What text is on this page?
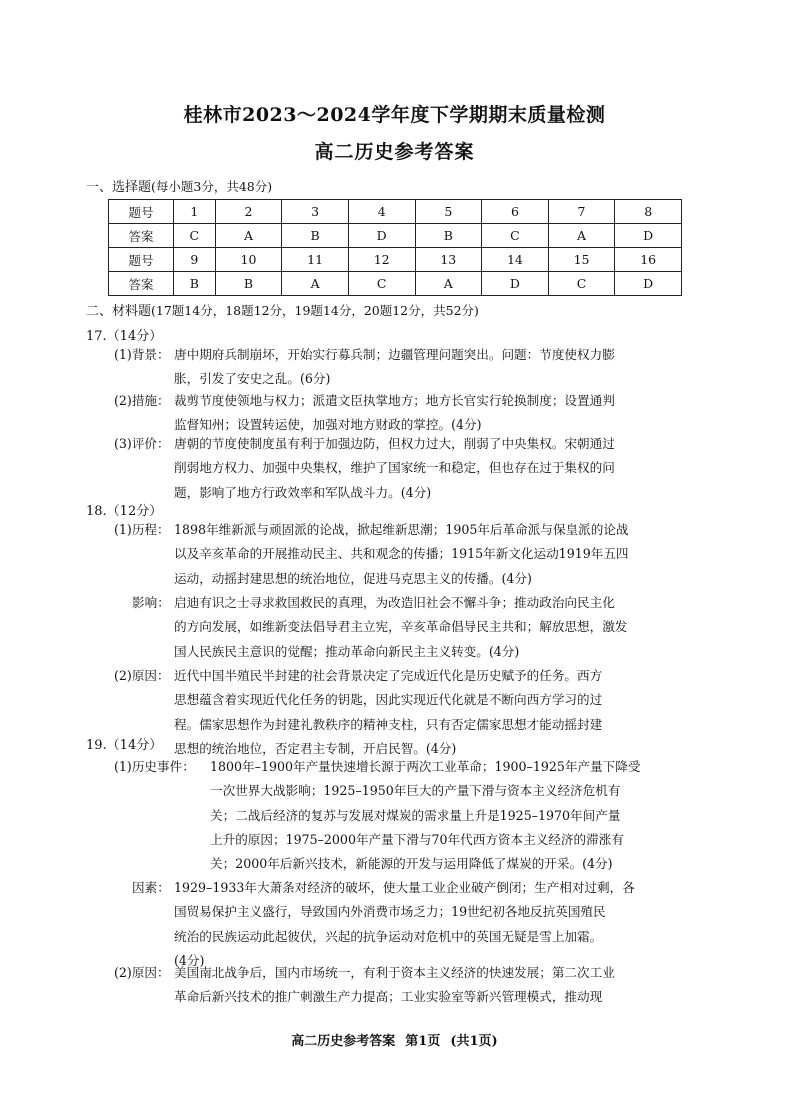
桂林市2023～2024学年度下学期期末质量检测
高二历史参考答案
一、选择题(每小题3分，共48分)
题号	1	2	3	4	5	6	7	8
答案	C	A	B	D	B	C	A	D
题号	9	10	11	12	13	14	15	16
答案	B	B	A	C	A	D	C	D
二、材料题(17题14分，18题12分，19题14分，20题12分，共52分)
17.（14分）
(1)背景： 唐中期府兵制崩坏，开始实行募兵制；边疆管理问题突出。问题：节度使权力膨
胀，引发了安史之乱。(6分)
(2)措施： 裁剪节度使领地与权力；派遣文臣执掌地方；地方长官实行轮换制度；设置通判
监督知州；设置转运使，加强对地方财政的掌控。(4分)
(3)评价： 唐朝的节度使制度虽有利于加强边防，但权力过大，削弱了中央集权。宋朝通过
削弱地方权力、加强中央集权，维护了国家统一和稳定，但也存在过于集权的问
题，影响了地方行政效率和军队战斗力。(4分)
18.（12分）
(1)历程： 1898年维新派与顽固派的论战，掀起维新思潮；1905年后革命派与保皇派的论战
以及辛亥革命的开展推动民主、共和观念的传播；1915年新文化运动1919年五四
运动，动摇封建思想的统治地位，促进马克思主义的传播。(4分)
影响： 启迪有识之士寻求救国救民的真理，为改造旧社会不懈斗争；推动政治向民主化
的方向发展，如维新变法倡导君主立宪，辛亥革命倡导民主共和；解放思想，激发
国人民族民主意识的觉醒；推动革命向新民主主义转变。(4分)
(2)原因： 近代中国半殖民半封建的社会背景决定了完成近代化是历史赋予的任务。西方
思想蕴含着实现近代化任务的钥匙，因此实现近代化就是不断向西方学习的过
程。儒家思想作为封建礼教秩序的精神支柱，只有否定儒家思想才能动摇封建
思想的统治地位，否定君主专制，开启民智。(4分)
19.（14分）
(1)历史事件： 1800年–1900年产量快速增长源于两次工业革命；1900–1925年产量下降受
一次世界大战影响；1925–1950年巨大的产量下滑与资本主义经济危机有
关；二战后经济的复苏与发展对煤炭的需求量上升是1925–1970年间产量
上升的原因；1975–2000年产量下滑与70年代西方资本主义经济的滞涨有
关；2000年后新兴技术，新能源的开发与运用降低了煤炭的开采。(4分)
因素： 1929–1933年大萧条对经济的破坏，使大量工业企业破产倒闭；生产相对过剩，各
国贸易保护主义盛行，导致国内外消费市场乏力；19世纪初各地反抗英国殖民
统治的民族运动此起彼伏，兴起的抗争运动对危机中的英国无疑是雪上加霜。
(4分)
(2)原因： 美国南北战争后，国内市场统一，有利于资本主义经济的快速发展；第二次工业
革命后新兴技术的推广刺激生产力提高；工业实验室等新兴管理模式，推动现
高二历史参考答案 第1页 (共1页)
